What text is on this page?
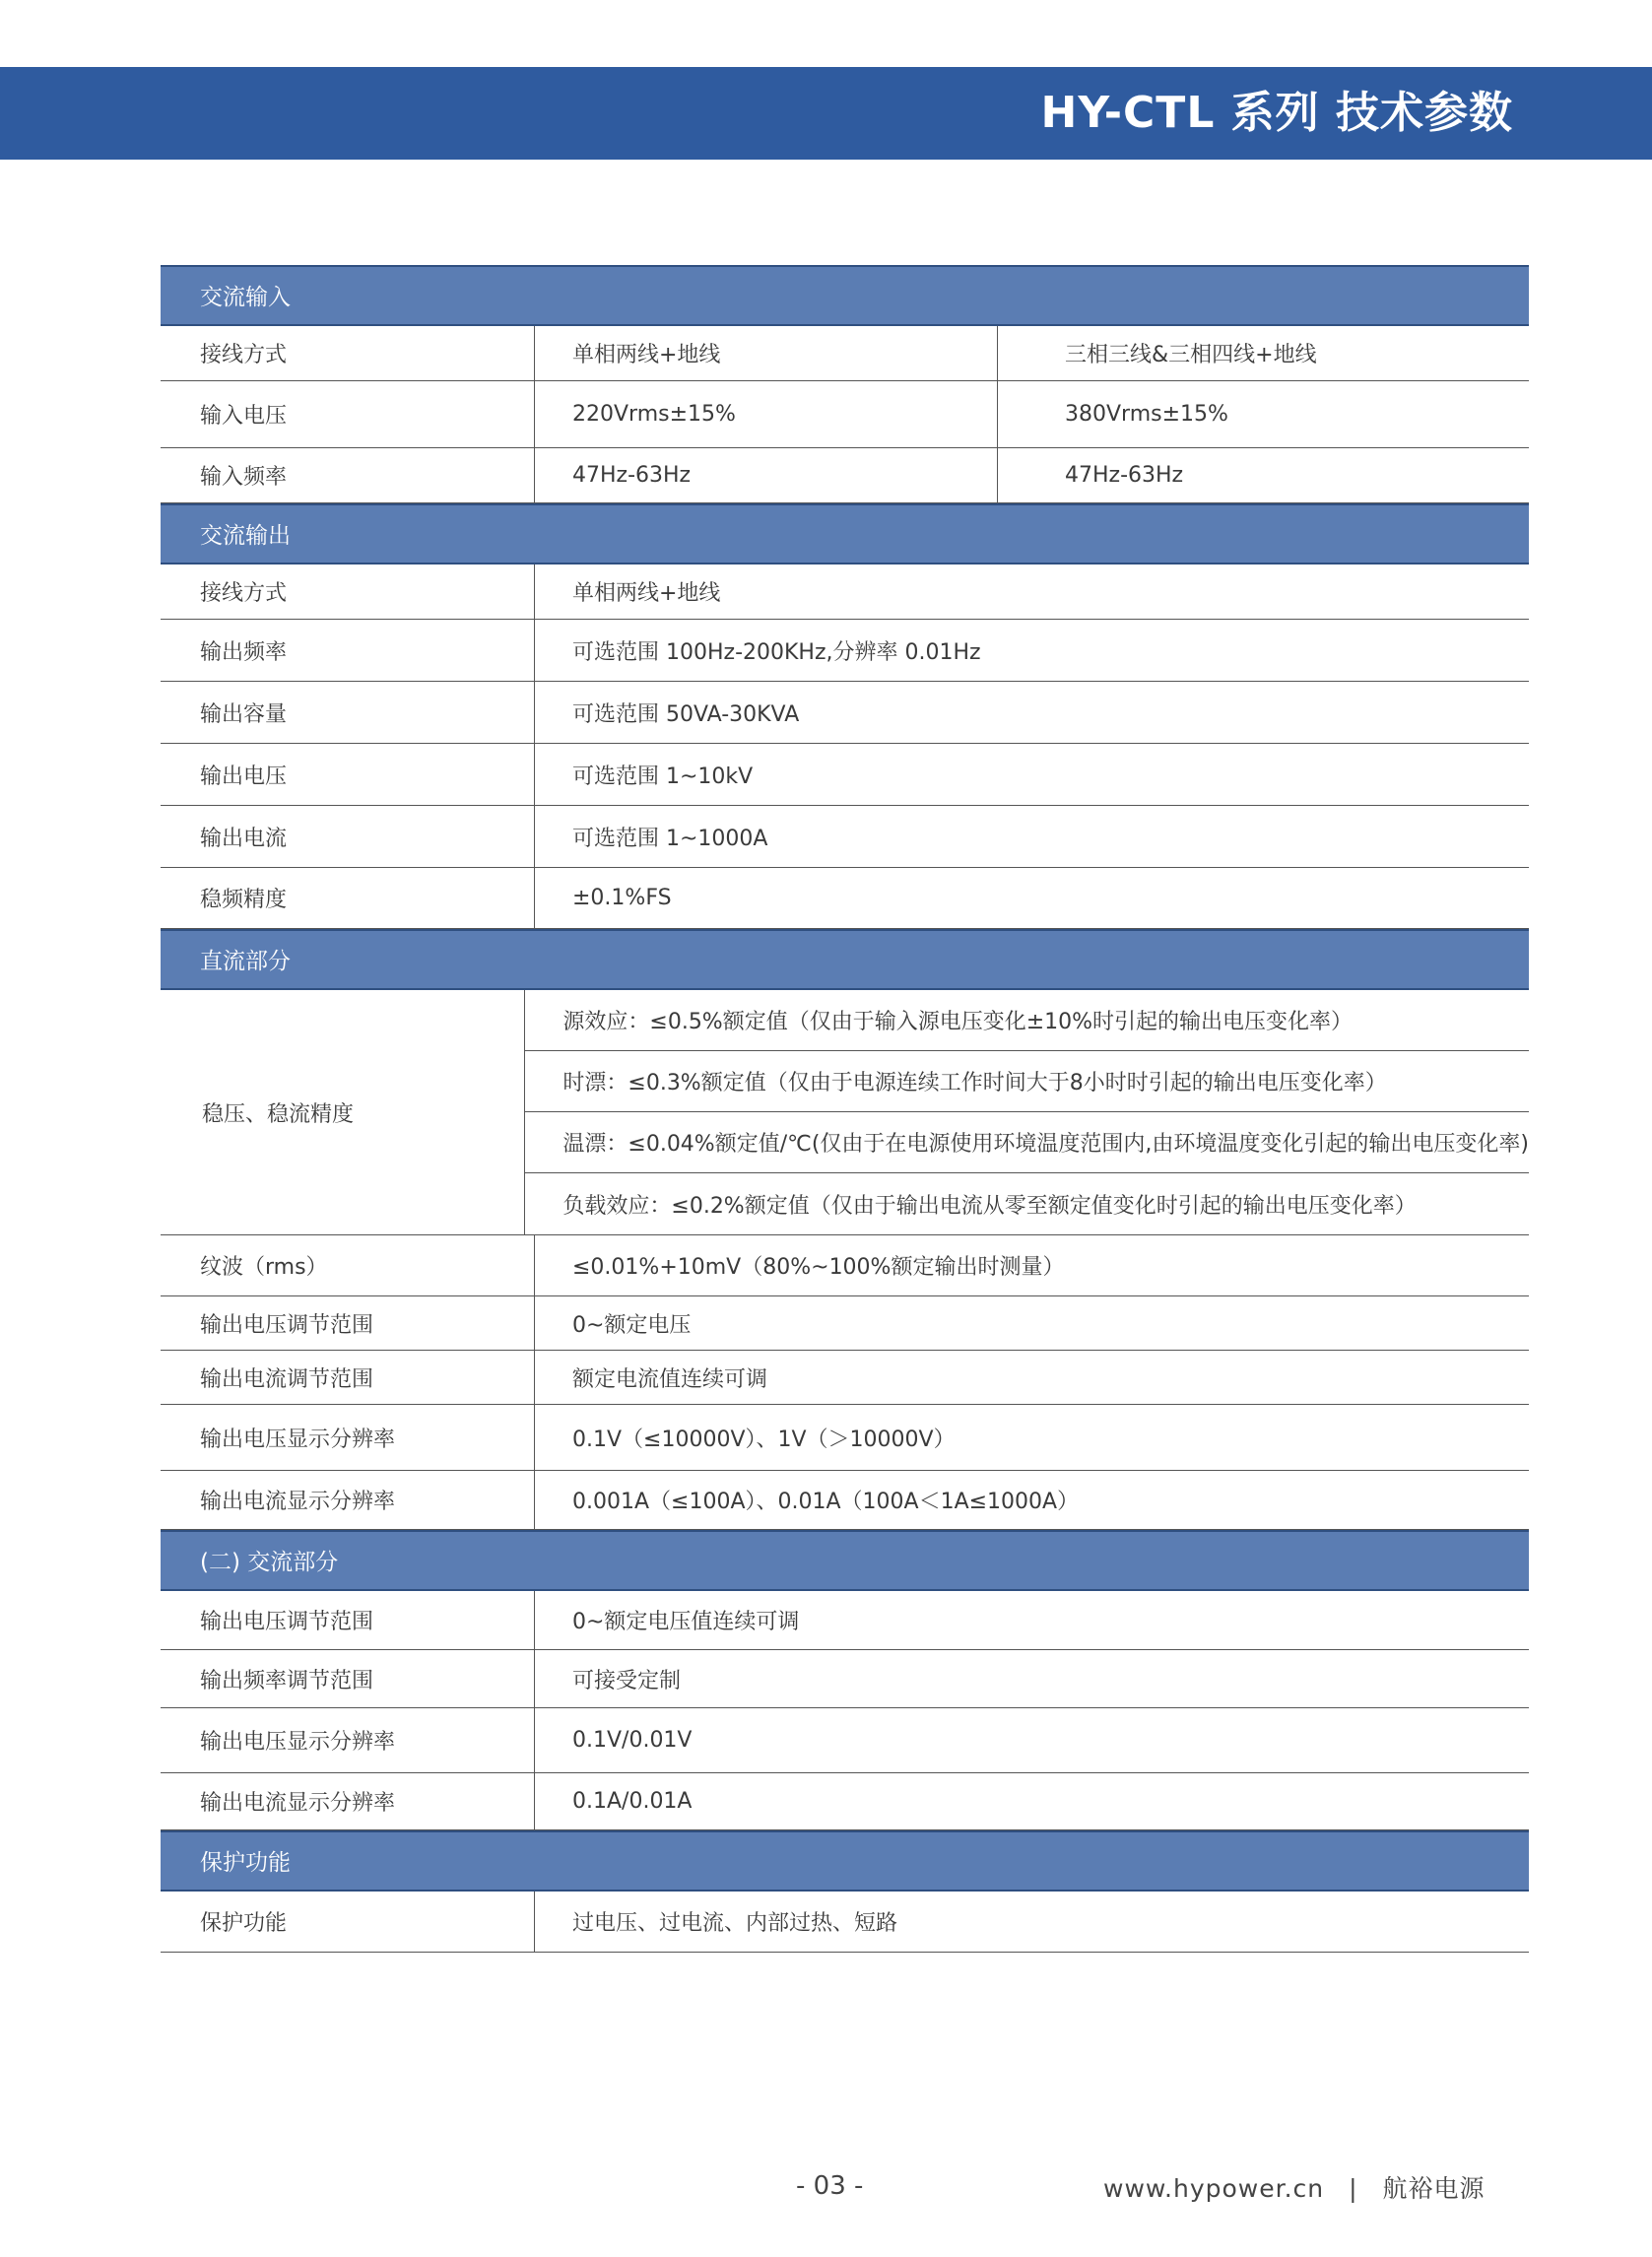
HY-CTL 系列 技术参数
交流输入
接线方式	单相两线+地线	三相三线&三相四线+地线
输入电压	220Vrms±15%	380Vrms±15%
输入频率	47Hz-63Hz	47Hz-63Hz
交流输出
接线方式	单相两线+地线
输出频率	可选范围 100Hz-200KHz,分辨率 0.01Hz
输出容量	可选范围 50VA-30KVA
输出电压	可选范围 1~10kV
输出电流	可选范围 1~1000A
稳频精度	±0.1%FS
直流部分
稳压、稳流精度
源效应：≤0.5%额定值（仅由于输入源电压变化±10%时引起的输出电压变化率）
时漂：≤0.3%额定值（仅由于电源连续工作时间大于8小时时引起的输出电压变化率）
温漂：≤0.04%额定值/℃(仅由于在电源使用环境温度范围内,由环境温度变化引起的输出电压变化率)
负载效应：≤0.2%额定值（仅由于输出电流从零至额定值变化时引起的输出电压变化率）
纹波（rms）	≤0.01%+10mV（80%~100%额定输出时测量）
输出电压调节范围	0~额定电压
输出电流调节范围	额定电流值连续可调
输出电压显示分辨率	0.1V（≤10000V）、1V（＞10000V）
输出电流显示分辨率	0.001A（≤100A）、0.01A（100A＜1A≤1000A）
(二) 交流部分
输出电压调节范围	0~额定电压值连续可调
输出频率调节范围	可接受定制
输出电压显示分辨率	0.1V/0.01V
输出电流显示分辨率	0.1A/0.01A
保护功能
保护功能	过电压、过电流、内部过热、短路
- 03 -	www.hypower.cn | 航裕电源
